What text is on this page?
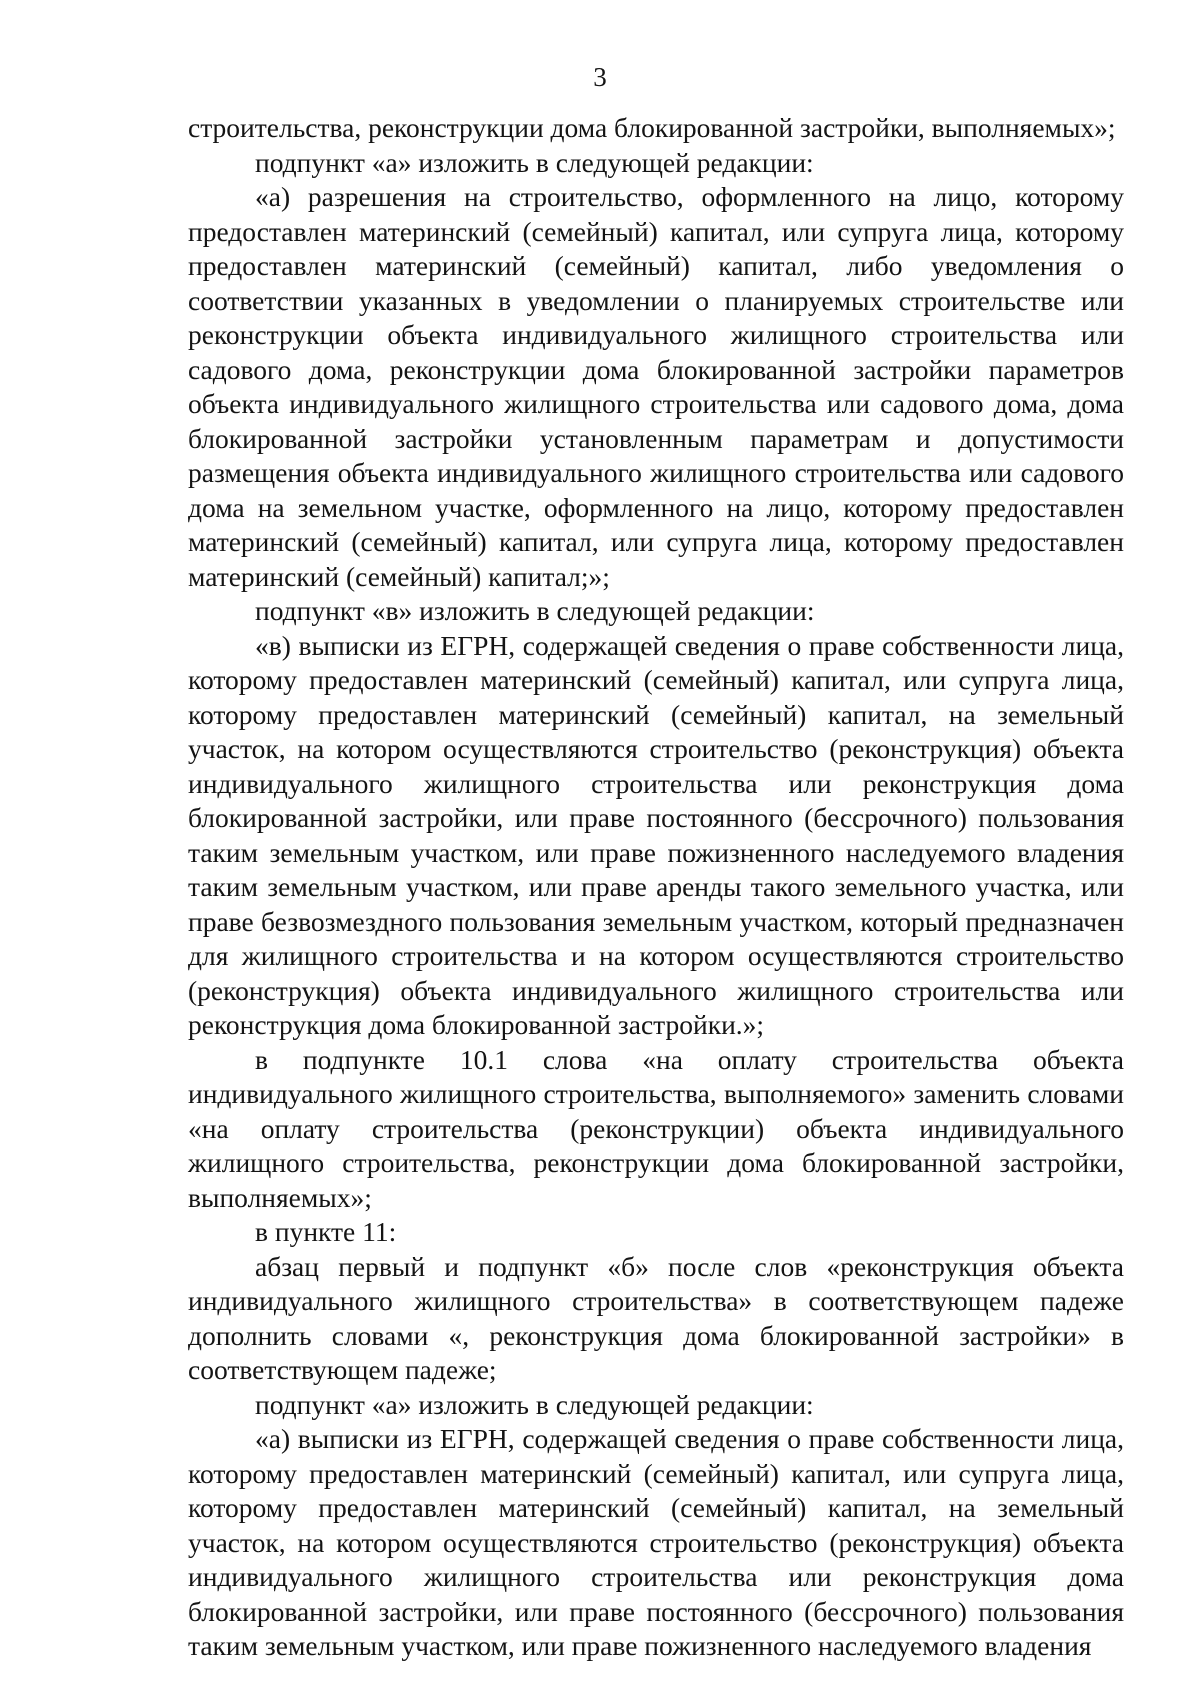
3

строительства, реконструкции дома блокированной застройки, выполняемых»;

подпункт «а» изложить в следующей редакции:

«а) разрешения на строительство, оформленного на лицо, которому предоставлен материнский (семейный) капитал, или супруга лица, которому предоставлен материнский (семейный) капитал, либо уведомления о соответствии указанных в уведомлении о планируемых строительстве или реконструкции объекта индивидуального жилищного строительства или садового дома, реконструкции дома блокированной застройки параметров объекта индивидуального жилищного строительства или садового дома, дома блокированной застройки установленным параметрам и допустимости размещения объекта индивидуального жилищного строительства или садового дома на земельном участке, оформленного на лицо, которому предоставлен материнский (семейный) капитал, или супруга лица, которому предоставлен материнский (семейный) капитал;»;

подпункт «в» изложить в следующей редакции:

«в) выписки из ЕГРН, содержащей сведения о праве собственности лица, которому предоставлен материнский (семейный) капитал, или супруга лица, которому предоставлен материнский (семейный) капитал, на земельный участок, на котором осуществляются строительство (реконструкция) объекта индивидуального жилищного строительства или реконструкция дома блокированной застройки, или праве постоянного (бессрочного) пользования таким земельным участком, или праве пожизненного наследуемого владения таким земельным участком, или праве аренды такого земельного участка, или праве безвозмездного пользования земельным участком, который предназначен для жилищного строительства и на котором осуществляются строительство (реконструкция) объекта индивидуального жилищного строительства или реконструкция дома блокированной застройки.»;

в подпункте 10.1 слова «на оплату строительства объекта индивидуального жилищного строительства, выполняемого» заменить словами «на оплату строительства (реконструкции) объекта индивидуального жилищного строительства, реконструкции дома блокированной застройки, выполняемых»;

в пункте 11:

абзац первый и подпункт «б» после слов «реконструкция объекта индивидуального жилищного строительства» в соответствующем падеже дополнить словами «, реконструкция дома блокированной застройки» в соответствующем падеже;

подпункт «а» изложить в следующей редакции:

«а) выписки из ЕГРН, содержащей сведения о праве собственности лица, которому предоставлен материнский (семейный) капитал, или супруга лица, которому предоставлен материнский (семейный) капитал, на земельный участок, на котором осуществляются строительство (реконструкция) объекта индивидуального жилищного строительства или реконструкция дома блокированной застройки, или праве постоянного (бессрочного) пользования таким земельным участком, или праве пожизненного наследуемого владения
